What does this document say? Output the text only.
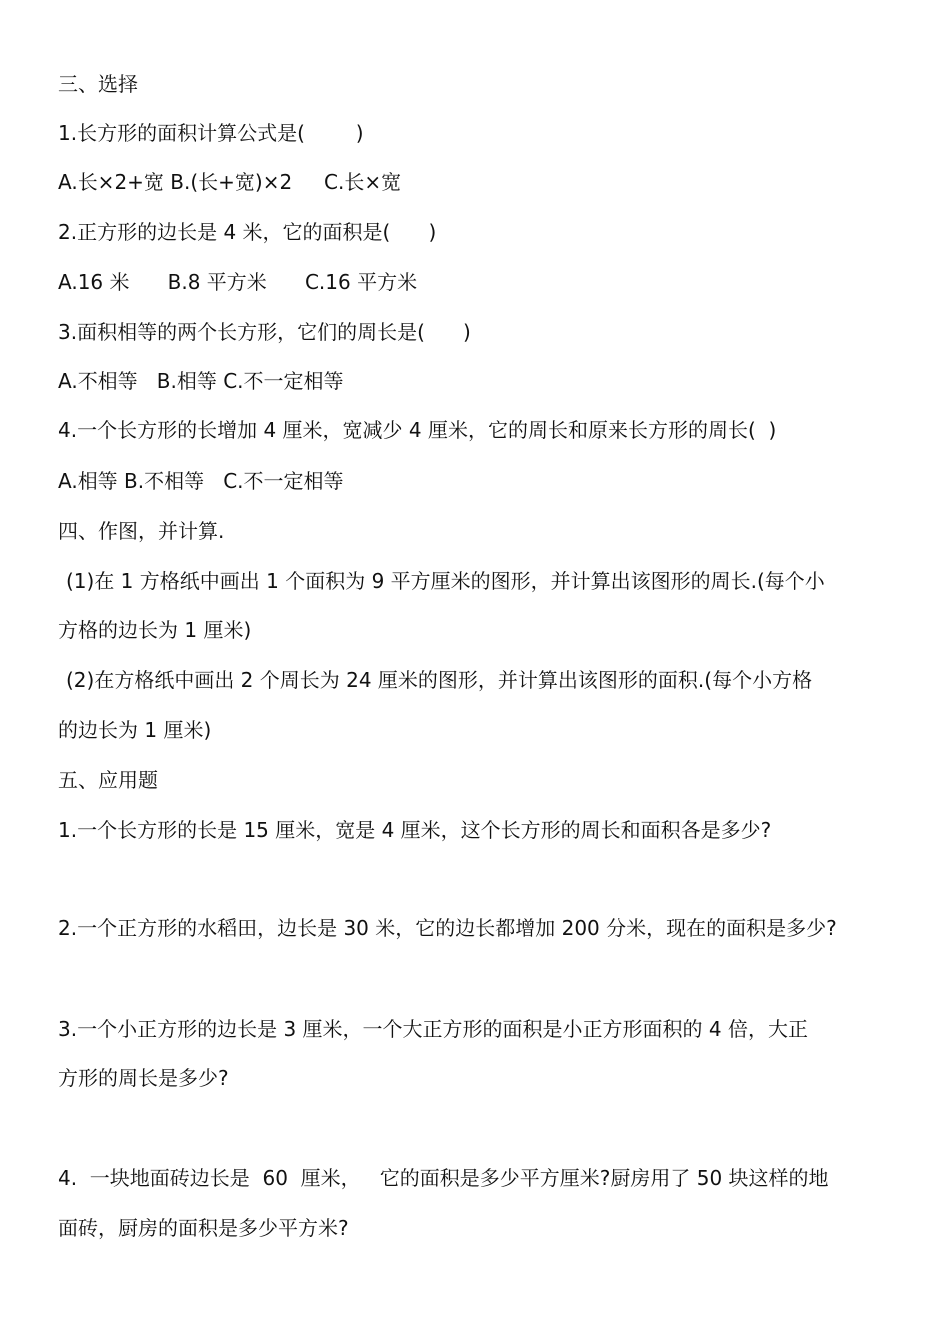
三、选择
1.长方形的面积计算公式是(        )
A.长×2+宽 B.(长+宽)×2     C.长×宽
2.正方形的边长是 4 米，它的面积是(      )
A.16 米      B.8 平方米      C.16 平方米
3.面积相等的两个长方形，它们的周长是(      )
A.不相等   B.相等 C.不一定相等
4.一个长方形的长增加 4 厘米，宽减少 4 厘米，它的周长和原来长方形的周长(  )
A.相等 B.不相等   C.不一定相等
四、作图，并计算.
(1)在 1 方格纸中画出 1 个面积为 9 平方厘米的图形，并计算出该图形的周长.(每个小
方格的边长为 1 厘米)
(2)在方格纸中画出 2 个周长为 24 厘米的图形，并计算出该图形的面积.(每个小方格
的边长为 1 厘米)
五、应用题
1.一个长方形的长是 15 厘米，宽是 4 厘米，这个长方形的周长和面积各是多少?
2.一个正方形的水稻田，边长是 30 米，它的边长都增加 200 分米，现在的面积是多少?
3.一个小正方形的边长是 3 厘米，一个大正方形的面积是小正方形面积的 4 倍，大正
方形的周长是多少?
4.  一块地面砖边长是  60  厘米，   它的面积是多少平方厘米?厨房用了 50 块这样的地
面砖，厨房的面积是多少平方米?
